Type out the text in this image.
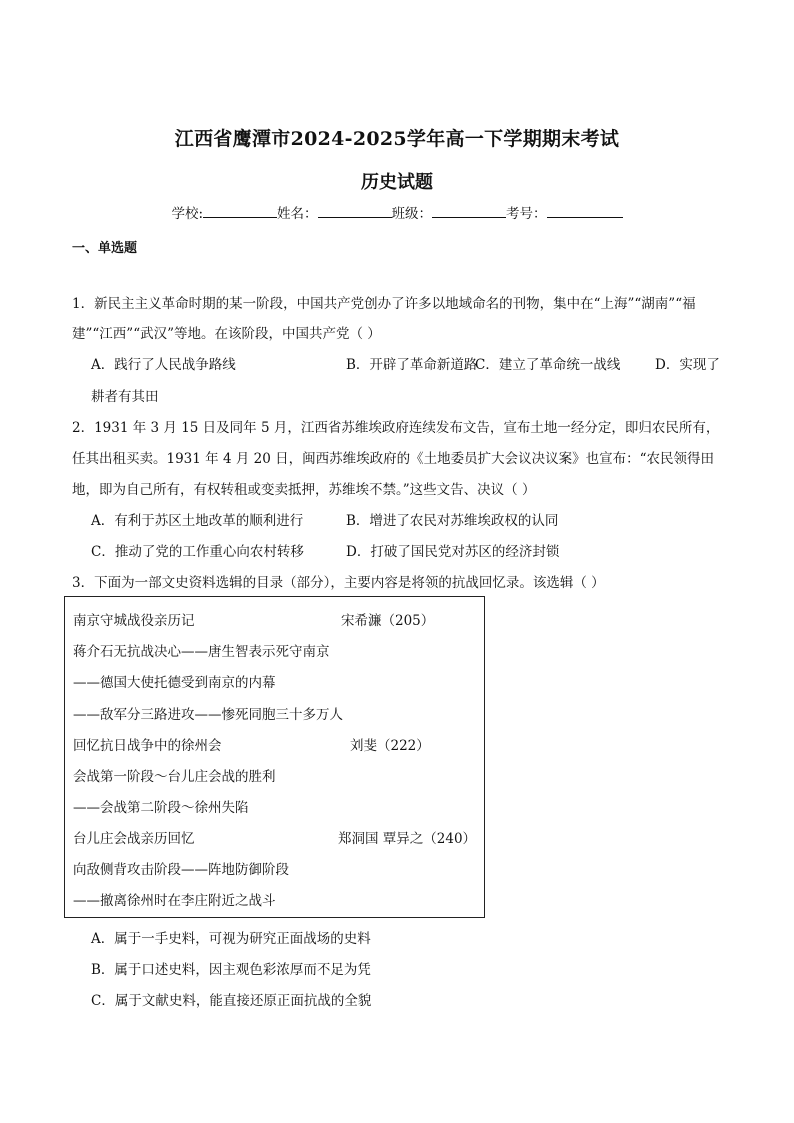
江西省鹰潭市2024-2025学年高一下学期期末考试
历史试题
学校:	姓名：	班级：	考号：
一、单选题
1．新民主主义革命时期的某一阶段，中国共产党创办了许多以地域命名的刊物，集中在“上海”“湖南”“福
建”“江西”“武汉”等地。在该阶段，中国共产党（ ）
A．践行了人民战争路线	B．开辟了革命新道路
C．建立了革命统一战线	D．实现了
耕者有其田
2．1931 年 3 月 15 日及同年 5 月，江西省苏维埃政府连续发布文告，宣布土地一经分定，即归农民所有，
任其出租买卖。1931 年 4 月 20 日，闽西苏维埃政府的《土地委员扩大会议决议案》也宣布：“农民领得田
地，即为自己所有，有权转租或变卖抵押，苏维埃不禁。”这些文告、决议（ ）
A．有利于苏区土地改革的顺利进行	B．增进了农民对苏维埃政权的认同
C．推动了党的工作重心向农村转移	D．打破了国民党对苏区的经济封锁
3．下面为一部文史资料选辑的目录（部分），主要内容是将领的抗战回忆录。该选辑（ ）
南京守城战役亲历记	宋希濂（205）
蒋介石无抗战决心——唐生智表示死守南京
——德国大使托德受到南京的内幕
——敌军分三路进攻——惨死同胞三十多万人
回忆抗日战争中的徐州会	刘斐（222）
会战第一阶段～台儿庄会战的胜利
——会战第二阶段～徐州失陷
台儿庄会战亲历回忆	郑洞国 覃异之（240）
向敌侧背攻击阶段——阵地防御阶段
——撤离徐州时在李庄附近之战斗
A．属于一手史料，可视为研究正面战场的史料
B．属于口述史料，因主观色彩浓厚而不足为凭
C．属于文献史料，能直接还原正面抗战的全貌
